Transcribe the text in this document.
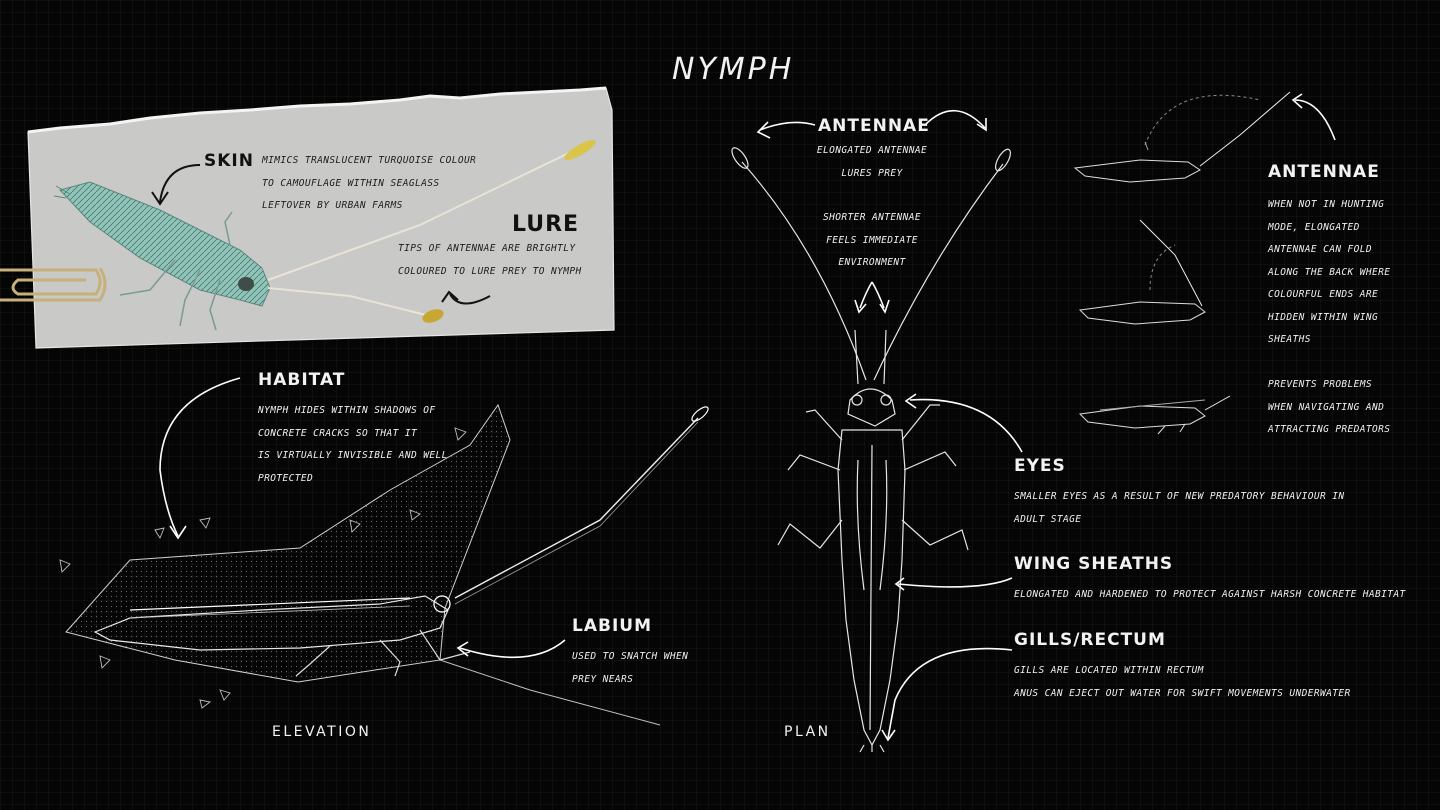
NYMPH
SKIN MIMICS TRANSLUCENT TURQUOISE COLOUR
TO CAMOUFLAGE WITHIN SEAGLASS
LEFTOVER BY URBAN FARMS
LURE
TIPS OF ANTENNAE ARE BRIGHTLY
COLOURED TO LURE PREY TO NYMPH
HABITAT
NYMPH HIDES WITHIN SHADOWS OF
CONCRETE CRACKS SO THAT IT
IS VIRTUALLY INVISIBLE AND WELL
PROTECTED
LABIUM
USED TO SNATCH WHEN
PREY NEARS
ELEVATION	PLAN
ANTENNAE
ELONGATED ANTENNAE
LURES PREY
SHORTER ANTENNAE
FEELS IMMEDIATE
ENVIRONMENT
ANTENNAE
WHEN NOT IN HUNTING
MODE, ELONGATED
ANTENNAE CAN FOLD
ALONG THE BACK WHERE
COLOURFUL ENDS ARE
HIDDEN WITHIN WING
SHEATHS
PREVENTS PROBLEMS
WHEN NAVIGATING AND
ATTRACTING PREDATORS
EYES
SMALLER EYES AS A RESULT OF NEW PREDATORY BEHAVIOUR IN
ADULT STAGE
WING SHEATHS
ELONGATED AND HARDENED TO PROTECT AGAINST HARSH CONCRETE HABITAT
GILLS/RECTUM
GILLS ARE LOCATED WITHIN RECTUM
ANUS CAN EJECT OUT WATER FOR SWIFT MOVEMENTS UNDERWATER
